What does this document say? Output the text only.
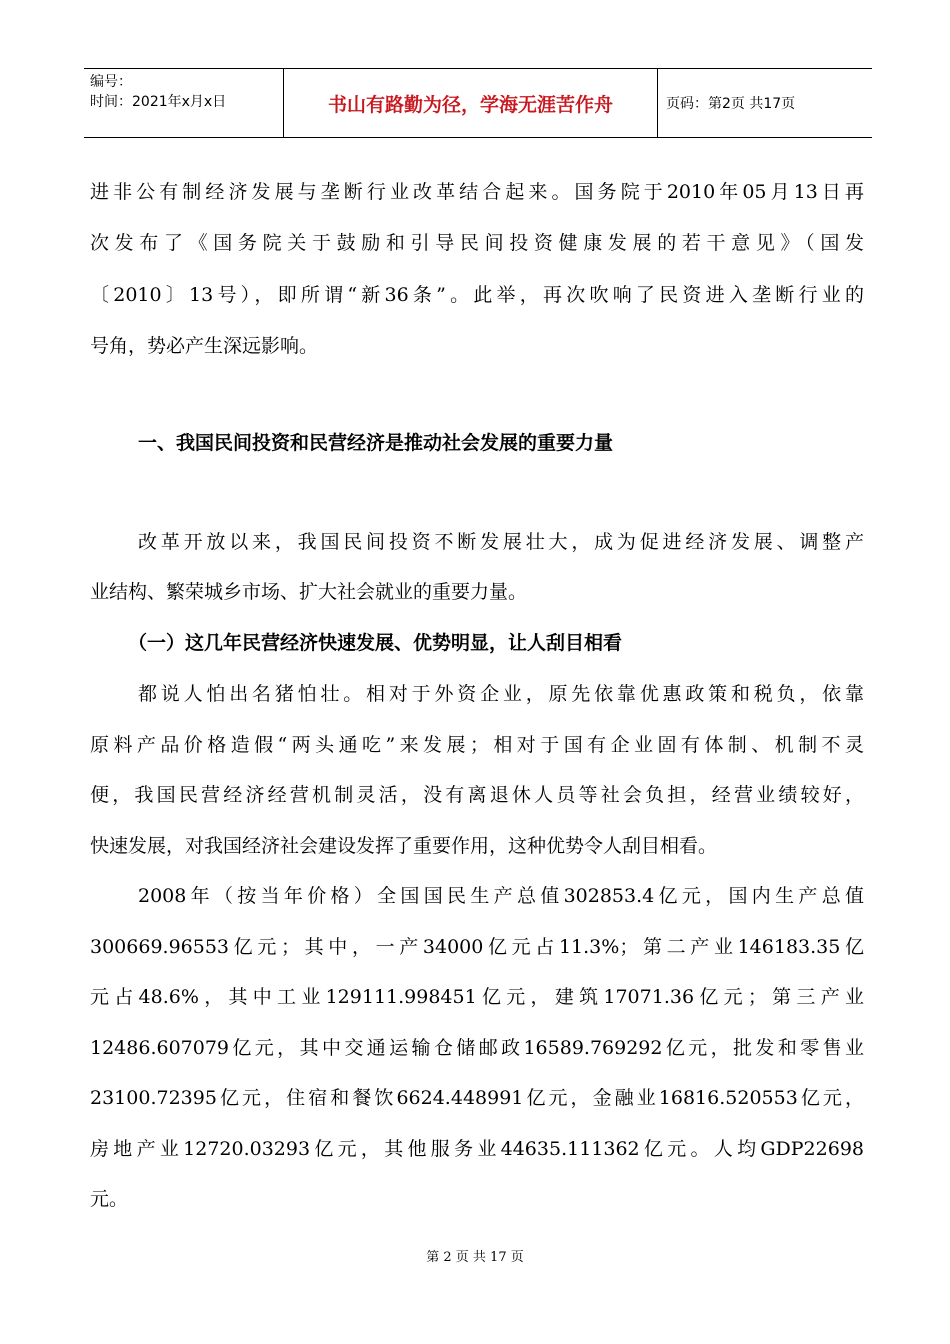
编号：
时间：2021年x月x日	书山有路勤为径，学海无涯苦作舟	页码：第2页 共17页
进非公有制经济发展与垄断行业改革结合起来。国务院于2010年05月13日再
次发布了《国务院关于鼓励和引导民间投资健康发展的若干意见》（国发
〔2010〕13号），即所谓“新36条”。此举，再次吹响了民资进入垄断行业的
号角，势必产生深远影响。
一、我国民间投资和民营经济是推动社会发展的重要力量
改革开放以来，我国民间投资不断发展壮大，成为促进经济发展、调整产
业结构、繁荣城乡市场、扩大社会就业的重要力量。
（一）这几年民营经济快速发展、优势明显，让人刮目相看
都说人怕出名猪怕壮。相对于外资企业，原先依靠优惠政策和税负，依靠
原料产品价格造假“两头通吃”来发展；相对于国有企业固有体制、机制不灵
便，我国民营经济经营机制灵活，没有离退休人员等社会负担，经营业绩较好，
快速发展，对我国经济社会建设发挥了重要作用，这种优势令人刮目相看。
2008年（按当年价格）全国国民生产总值302853.4亿元，国内生产总值
300669.96553亿元；其中，一产34000亿元占11.3%；第二产业146183.35亿
元占48.6%，其中工业129111.998451亿元，建筑17071.36亿元；第三产业
12486.607079亿元，其中交通运输仓储邮政16589.769292亿元，批发和零售业
23100.72395亿元，住宿和餐饮6624.448991亿元，金融业16816.520553亿元，
房地产业12720.03293亿元，其他服务业44635.111362亿元。人均GDP22698
元。
第 2 页 共 17 页
